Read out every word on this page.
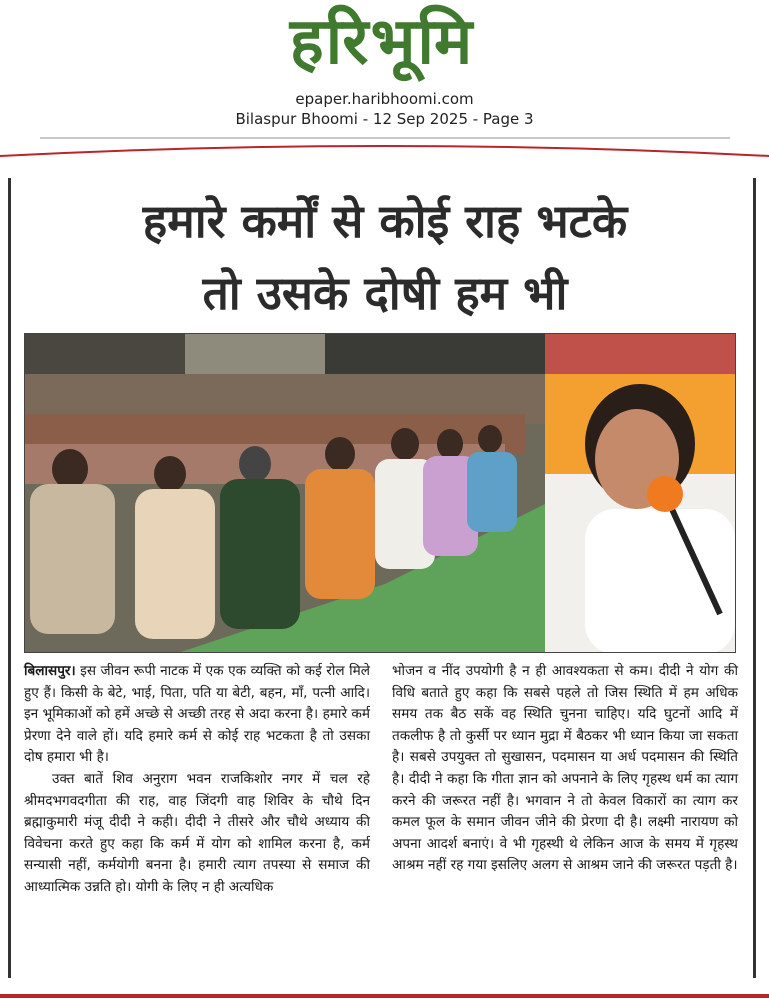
हरिभूमि
epaper.haribhoomi.com
Bilaspur Bhoomi - 12 Sep 2025 - Page 3
हमारे कर्मों से कोई राह भटके
तो उसके दोषी हम भी

बिलासपुर। इस जीवन रूपी नाटक में एक एक व्यक्ति को कई रोल मिले हुए हैं। किसी के बेटे, भाई, पिता, पति या बेटी, बहन, माँ, पत्नी आदि। इन भूमिकाओं को हमें अच्छे से अच्छी तरह से अदा करना है। हमारे कर्म प्रेरणा देने वाले हों। यदि हमारे कर्म से कोई राह भटकता है तो उसका दोष हमारा भी है।

उक्त बातें शिव अनुराग भवन राजकिशोर नगर में चल रहे श्रीमदभगवदगीता की राह, वाह जिंदगी वाह शिविर के चौथे दिन ब्रह्माकुमारी मंजू दीदी ने कही। दीदी ने तीसरे और चौथे अध्याय की विवेचना करते हुए कहा कि कर्म में योग को शामिल करना है, कर्म सन्यासी नहीं, कर्मयोगी बनना है। हमारी त्याग तपस्या से समाज की आध्यात्मिक उन्नति हो। योगी के लिए न ही अत्यधिक

भोजन व नींद उपयोगी है न ही आवश्यकता से कम। दीदी ने योग की विधि बताते हुए कहा कि सबसे पहले तो जिस स्थिति में हम अधिक समय तक बैठ सकें वह स्थिति चुनना चाहिए। यदि घुटनों आदि में तकलीफ है तो कुर्सी पर ध्यान मुद्रा में बैठकर भी ध्यान किया जा सकता है। सबसे उपयुक्त तो सुखासन, पदमासन या अर्ध पदमासन की स्थिति है। दीदी ने कहा कि गीता ज्ञान को अपनाने के लिए गृहस्थ धर्म का त्याग करने की जरूरत नहीं है। भगवान ने तो केवल विकारों का त्याग कर कमल फूल के समान जीवन जीने की प्रेरणा दी है। लक्ष्मी नारायण को अपना आदर्श बनाएं। वे भी गृहस्थी थे लेकिन आज के समय में गृहस्थ आश्रम नहीं रह गया इसलिए अलग से आश्रम जाने की जरूरत पड़ती है।
